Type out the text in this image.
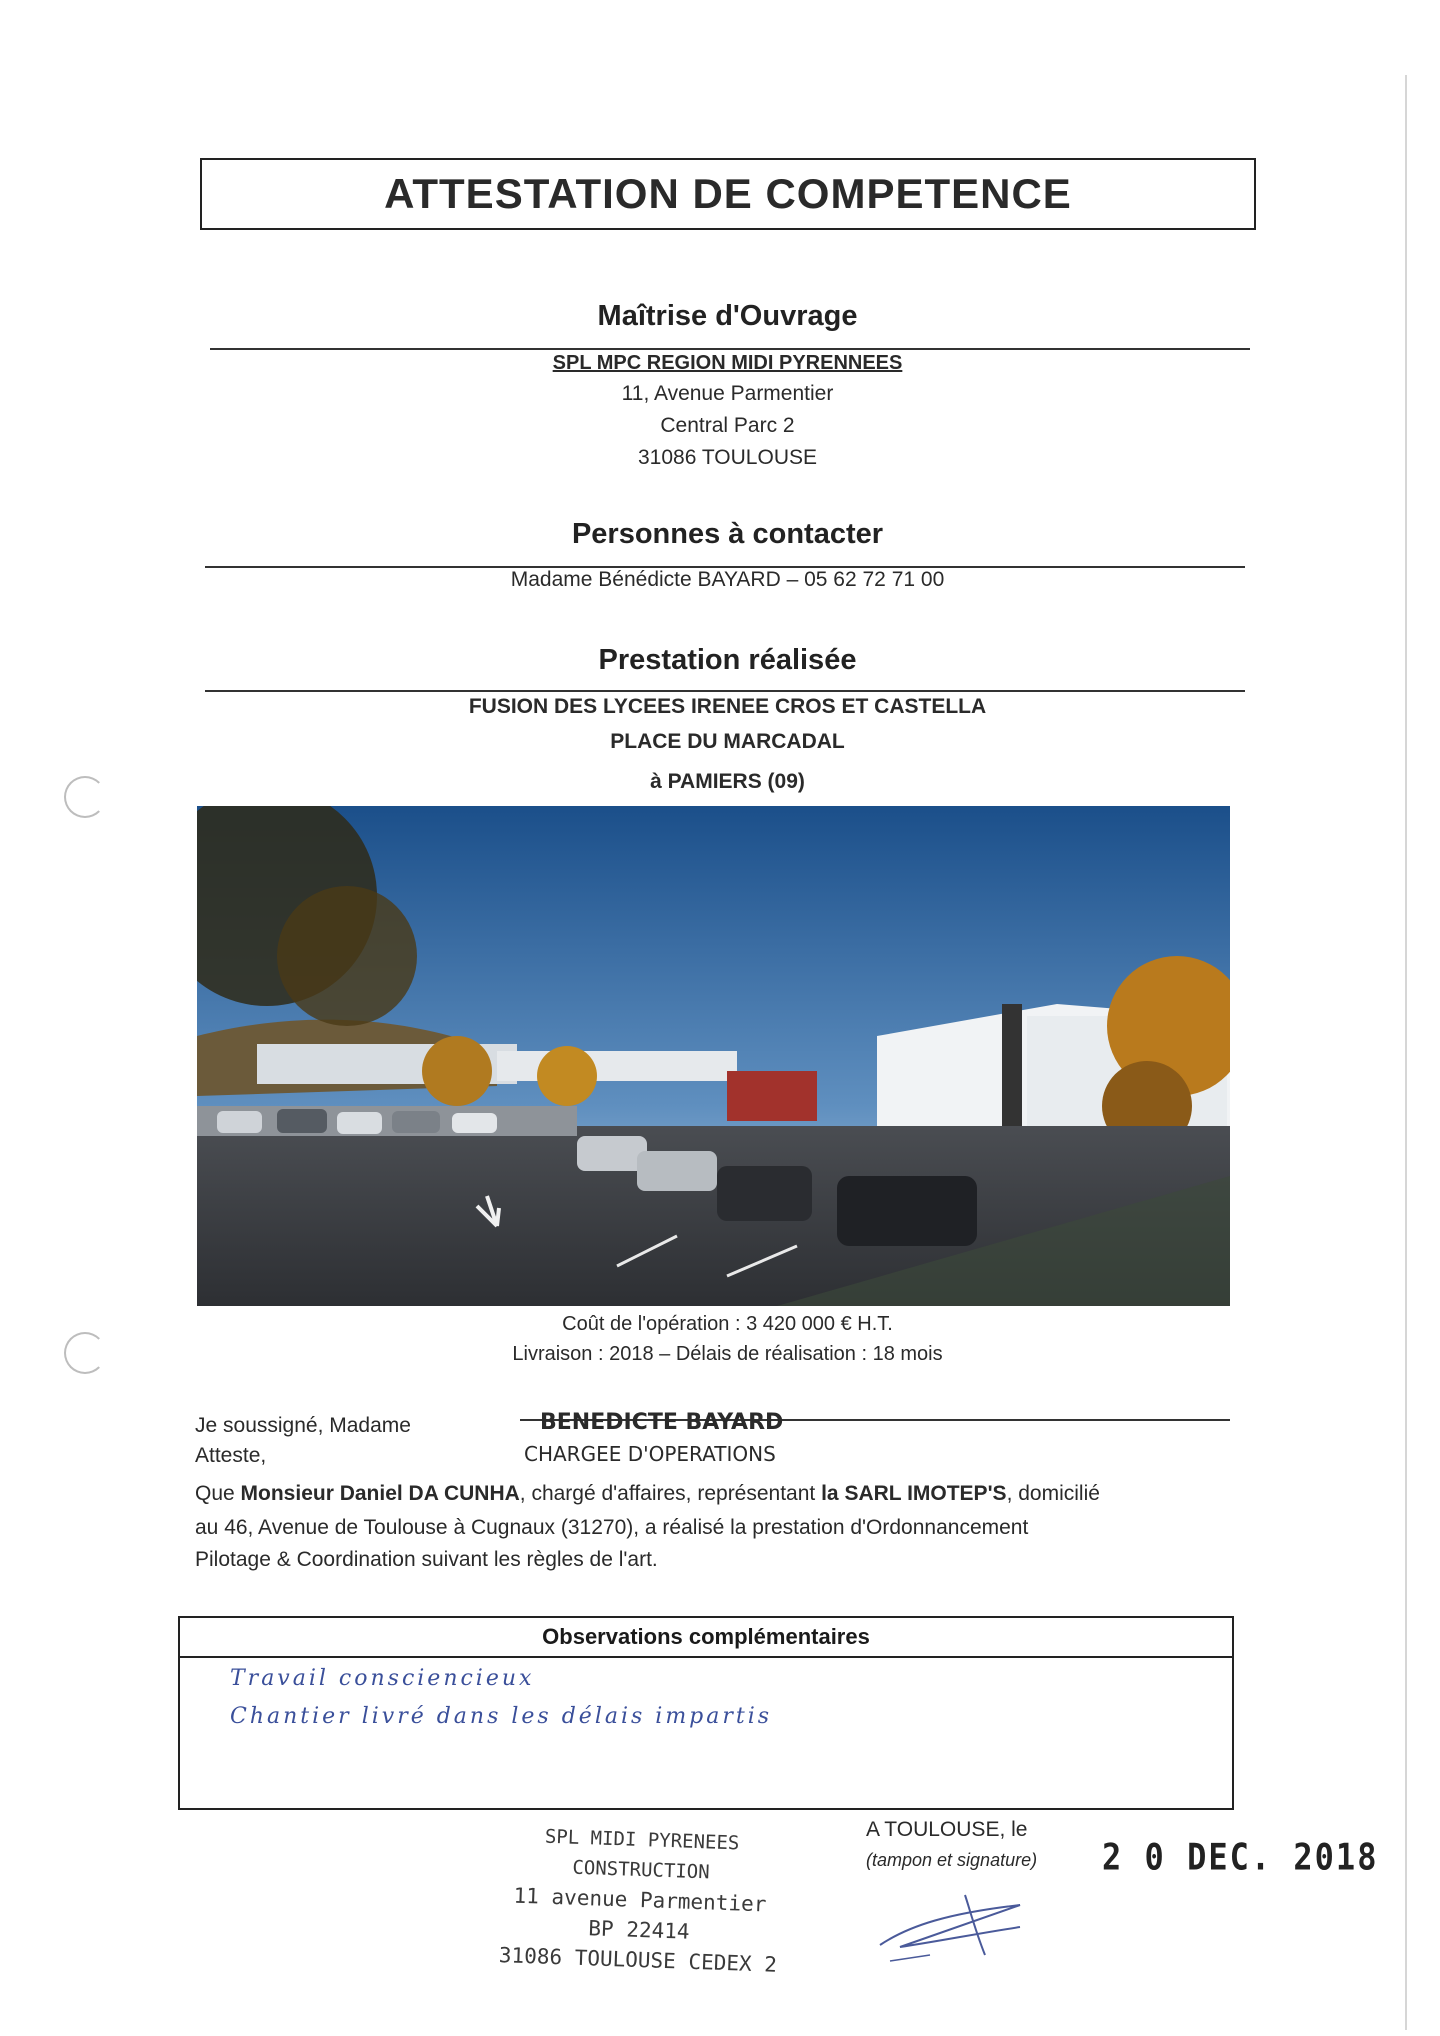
ATTESTATION DE COMPETENCE
Maîtrise d'Ouvrage
SPL MPC REGION MIDI PYRENNEES
11, Avenue Parmentier
Central Parc 2
31086 TOULOUSE
Personnes à contacter
Madame Bénédicte BAYARD – 05 62 72 71 00
Prestation réalisée
FUSION DES LYCEES IRENEE CROS ET CASTELLA
PLACE DU MARCADAL
à PAMIERS (09)
Coût de l'opération : 3 420 000 € H.T.
Livraison : 2018 – Délais de réalisation : 18 mois
Je soussigné, Madame	BENEDICTE BAYARD
Atteste,	CHARGEE D'OPERATIONS
Que Monsieur Daniel DA CUNHA, chargé d'affaires, représentant la SARL IMOTEP'S, domicilié
au 46, Avenue de Toulouse à Cugnaux (31270), a réalisé la prestation d'Ordonnancement
Pilotage & Coordination suivant les règles de l'art.
Observations complémentaires
Travail consciencieux
Chantier livré dans les délais impartis
SPL MIDI PYRENEES CONSTRUCTION
11 avenue Parmentier
BP 22414
31086 TOULOUSE CEDEX 2
A TOULOUSE, le
(tampon et signature) 2 0 DEC. 2018
